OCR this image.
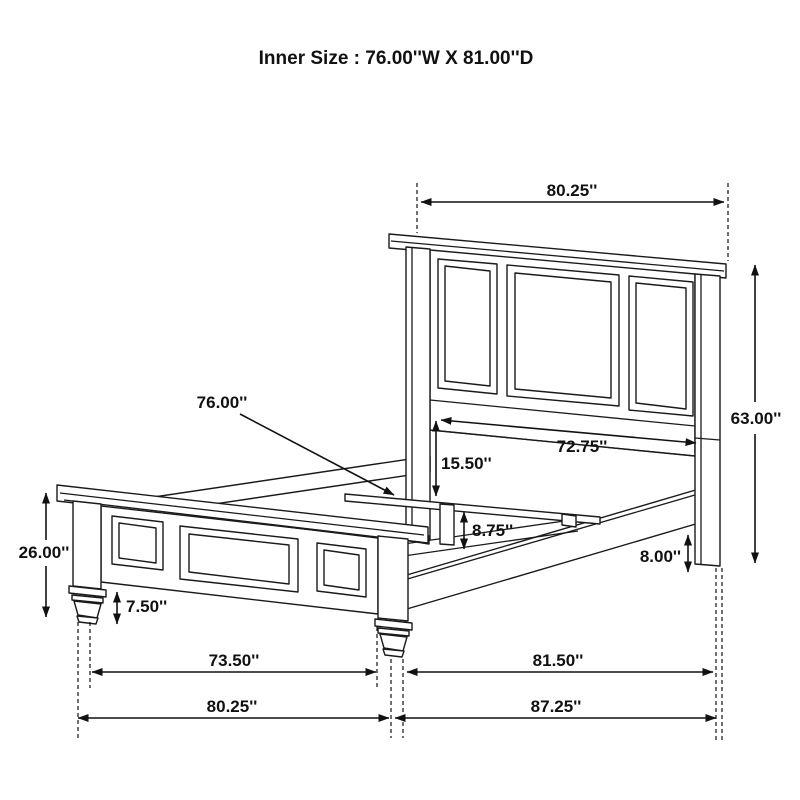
Inner Size : 76.00''W X 81.00''D
80.25''
63.00''
76.00''
72.75''
15.50''
8.75''
8.00''
26.00''
7.50''
73.50''	81.50''
80.25''	87.25''
